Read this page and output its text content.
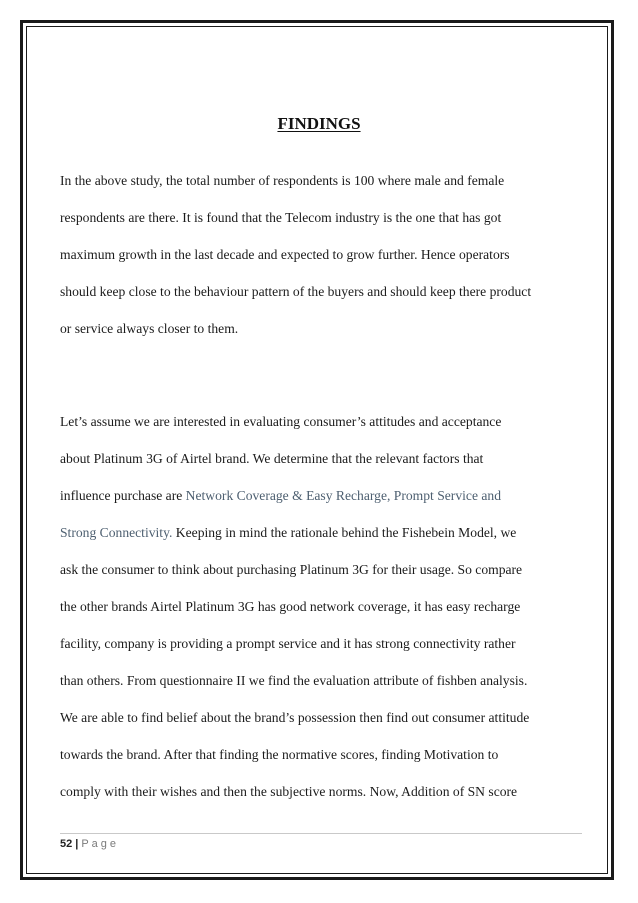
FINDINGS
In the above study, the total number of respondents is 100 where male and female
respondents are there. It is found that the Telecom industry is the one that has got
maximum growth in the last decade and expected to grow further. Hence operators
should keep close to the behaviour pattern of the buyers and should keep there product
or service always closer to them.
Let’s assume we are interested in evaluating consumer’s attitudes and acceptance
about Platinum 3G of Airtel brand. We determine that the relevant factors that
influence purchase are Network Coverage & Easy Recharge, Prompt Service and
Strong Connectivity. Keeping in mind the rationale behind the Fishebein Model, we
ask the consumer to think about purchasing Platinum 3G for their usage. So compare
the other brands Airtel Platinum 3G has good network coverage, it has easy recharge
facility, company is providing a prompt service and it has strong connectivity rather
than others. From questionnaire II we find the evaluation attribute of fishben analysis.
We are able to find belief about the brand’s possession then find out consumer attitude
towards the brand. After that finding the normative scores, finding Motivation to
comply with their wishes and then the subjective norms. Now, Addition of SN score
52 | Page
